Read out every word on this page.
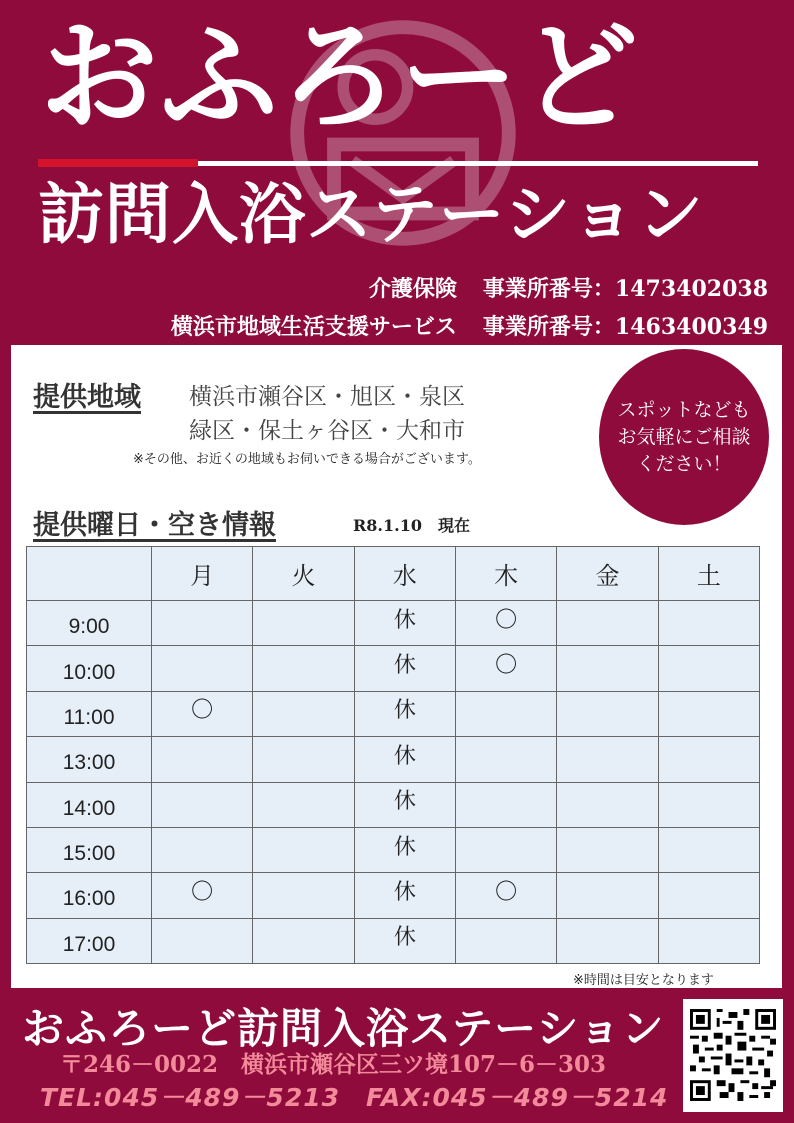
おふろーど
訪問入浴ステーション
介護保険 事業所番号：1473402038
横浜市地域生活支援サービス 事業所番号：1463400349
提供地域 横浜市瀬谷区・旭区・泉区
緑区・保土ヶ谷区・大和市
※その他、お近くの地域もお伺いできる場合がございます。
スポットなども
お気軽にご相談
ください！
提供曜日・空き情報	R8.1.10　現在
	月	火	水	木	金	土
9:00			休	〇		
10:00			休	〇		
11:00	〇		休			
13:00			休			
14:00			休			
15:00			休			
16:00	〇		休	〇		
17:00			休			
※時間は目安となります
おふろーど訪問入浴ステーション
〒246－0022　横浜市瀬谷区三ツ境107－6－303
TEL:045－489－5213 FAX:045－489－5214
